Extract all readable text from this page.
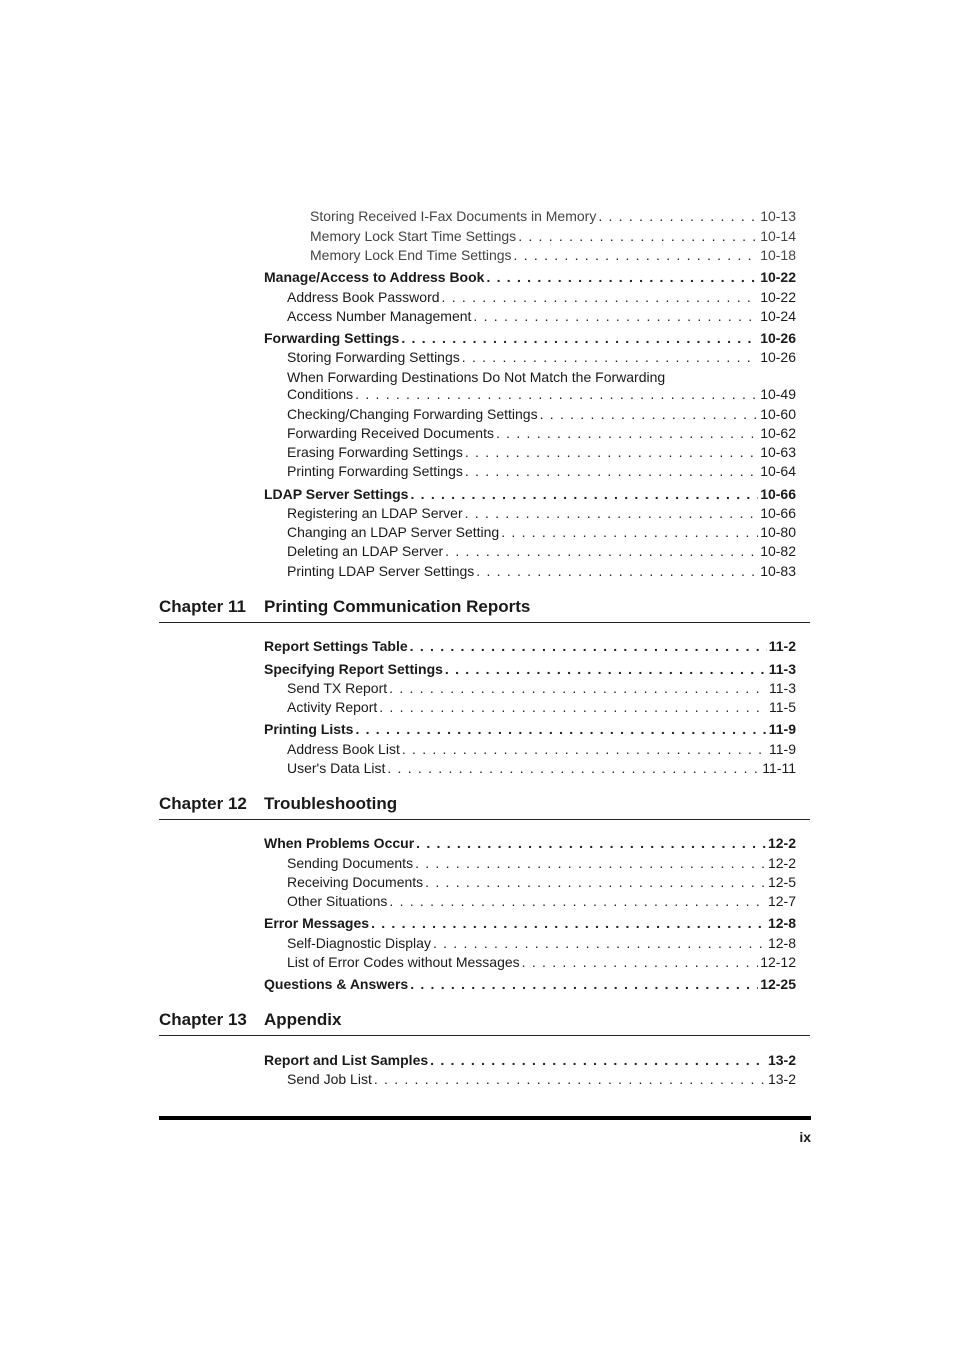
Storing Received I-Fax Documents in Memory . . .	10-13
Memory Lock Start Time Settings . . .	10-14
Memory Lock End Time Settings . . .	10-18
Manage/Access to Address Book . . .	10-22
Address Book Password . . .	10-22
Access Number Management . . .	10-24
Forwarding Settings . . .	10-26
Storing Forwarding Settings . . .	10-26
When Forwarding Destinations Do Not Match the Forwarding
Conditions . . .	10-49
Checking/Changing Forwarding Settings . . .	10-60
Forwarding Received Documents . . .	10-62
Erasing Forwarding Settings . . .	10-63
Printing Forwarding Settings . . .	10-64
LDAP Server Settings . . .	10-66
Registering an LDAP Server . . .	10-66
Changing an LDAP Server Setting . . .	10-80
Deleting an LDAP Server . . .	10-82
Printing LDAP Server Settings . . .	10-83
Chapter 11 Printing Communication Reports
Report Settings Table . . .	11-2
Specifying Report Settings . . .	11-3
Send TX Report . . .	11-3
Activity Report . . .	11-5
Printing Lists . . .	11-9
Address Book List . . .	11-9
User's Data List . . .	11-11
Chapter 12 Troubleshooting
When Problems Occur . . .	12-2
Sending Documents . . .	12-2
Receiving Documents . . .	12-5
Other Situations . . .	12-7
Error Messages . . .	12-8
Self-Diagnostic Display . . .	12-8
List of Error Codes without Messages . . .	12-12
Questions & Answers . . .	12-25
Chapter 13 Appendix
Report and List Samples . . .	13-2
Send Job List . . .	13-2
ix
